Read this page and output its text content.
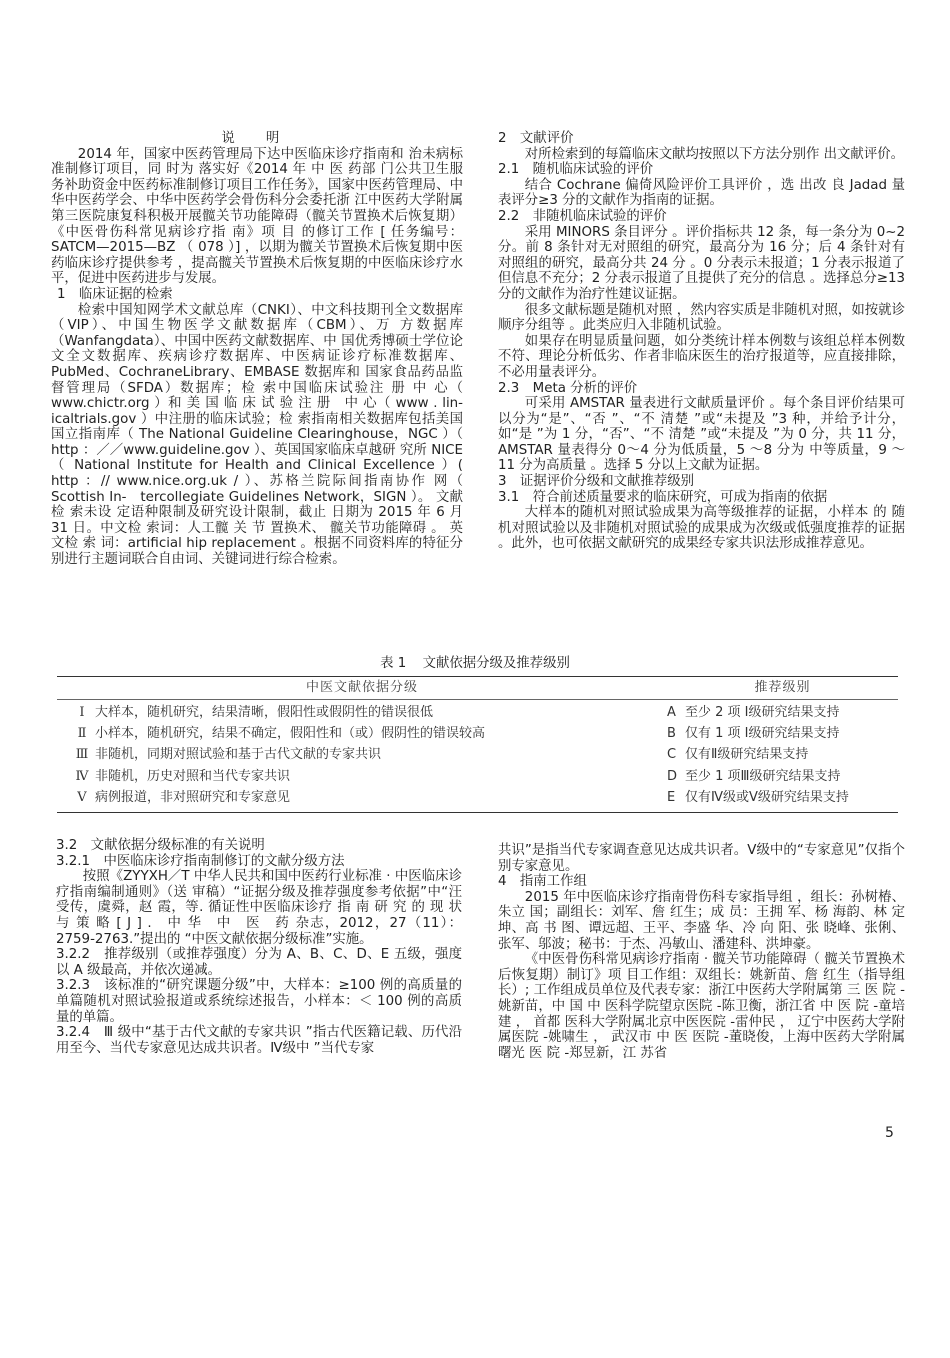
说 明

2014 年，国家中医药管理局下达中医临床诊疗指南和 治未病标准制修订项目，同 时为 落实好《2014 年 中 医 药部 门公共卫生服务补助资金中医药标准制修订项目工作任务》，国家中医药管理局、中华中医药学会、中华中医药学会骨伤科分会委托浙 江中医药大学附属第三医院康复科积极开展髋关节功能障碍（髋关节置换术后恢复期）《中医骨伤科常见病诊疗指 南》项 目 的修订工作 [ 任务编号：SATCM—2015—BZ （ 078 ）] ，以期为髋关节置换术后恢复期中医药临床诊疗提供参考 ，提高髋关节置换术后恢复期的中医临床诊疗水平，促进中医药进步与发展。

1　临床证据的检索

检索中国知网学术文献总库（CNKI）、中文科技期刊全文数据库（VIP）、中国生物医学文献数据库（CBM）、万 方数据库（Wanfangdata）、中国中医药文献数据库、中 国优秀博硕士学位论文全文数据库、疾病诊疗数据库、中医病证诊疗标准数据库、PubMed、CochraneLibrary、EMBASE 数据库和 国家食品药品监督管理局（SFDA）数据库；检 索中国临床试验注 册 中 心（ www.chictr.org ）和 美 国 临 床 试 验 注 册　中 心（ www . lin-　　icaltrials.gov ）中注册的临床试验；检 索指南相关数据库包括美国国立指南库（ The National Guideline Clearinghouse，NGC ）（ http ：／／www.guideline.gov ）、英国国家临床卓越研 究所 NICE （ National Institute for Health and Clinical Excellence ）( http ：// www.nice.org.uk / ）、苏格兰院际间指南协作 网（ Scottish In-　tercollegiate Guidelines Network，SIGN ）。 文献检 索未设 定语种限制及研究设计限制，截止 日期为 2015 年 6 月 31 日。中文检 索词：人工髋 关 节 置换术、 髋关节功能障碍 。 英文检 索 词：artificial hip replacement 。根据不同资料库的特征分别进行主题词联合自由词、关键词进行综合检索。

2　文献评价

对所检索到的每篇临床文献均按照以下方法分别作 出文献评价。

2.1　随机临床试验的评价

结合 Cochrane 偏倚风险评价工具评价 ，选 出改 良 Jadad 量表评分≥3 分的文献作为指南的证据。

2.2　非随机临床试验的评价

采用 MINORS 条目评分 。评价指标共 12 条，每一条分为 0~2 分。前 8 条针对无对照组的研究，最高分为 16 分；后 4 条针对有对照组的研究，最高分共 24 分 。0 分表示未报道；1 分表示报道了但信息不充分；2 分表示报道了且提供了充分的信息 。选择总分≥13 分的文献作为治疗性建议证据。

很多文献标题是随机对照 ，然内容实质是非随机对照，如按就诊顺序分组等 。此类应归入非随机试验。

如果存在明显质量问题，如分类统计样本例数与该组总样本例数不符、理论分析低劣、作者非临床医生的治疗报道等，应直接排除，不必用量表评分。

2.3　Meta 分析的评价

可采用 AMSTAR 量表进行文献质量评价 。每个条目评价结果可以分为“是”、“否 ”、“不 清楚 ”或“未提及 ”3 种，并给予计分，如“是 ”为 1 分，“否”、“不 清楚 ”或“未提及 ”为 0 分，共 11 分，AMSTAR 量表得分 0～4 分为低质量，5 ～8 分为 中等质量，9 ～11 分为高质量 。选择 5 分以上文献为证据。

3　证据评价分级和文献推荐级别

3.1　符合前述质量要求的临床研究，可成为指南的依据

大样本的随机对照试验成果为高等级推荐的证据，小样本 的 随 机对照试验以及非随机对照试验的成果成为次级或低强度推荐的证据 。此外，也可依据文献研究的成果经专家共识法形成推荐意见。

表 1 文献依据分级及推荐级别
中医文献依据分级	推荐级别
Ⅰ 大样本，随机研究，结果清晰，假阳性或假阴性的错误很低	A 至少 2 项 Ⅰ级研究结果支持
Ⅱ 小样本，随机研究，结果不确定，假阳性和（或）假阴性的错误较高	B 仅有 1 项 Ⅰ级研究结果支持
Ⅲ 非随机，同期对照试验和基于古代文献的专家共识	C 仅有Ⅱ级研究结果支持
Ⅳ 非随机，历史对照和当代专家共识	D 至少 1 项Ⅲ级研究结果支持
Ⅴ 病例报道，非对照研究和专家意见	E 仅有Ⅳ级或Ⅴ级研究结果支持

3.2　文献依据分级标准的有关说明

3.2.1　中医临床诊疗指南制修订的文献分级方法

按照《ZYYXH／T 中华人民共和国中医药行业标准 · 中医临床诊疗指南编制通则》（送 审稿）“证据分级及推荐强度参考依据”中“汪 受传，虞舜，赵 霞，等. 循证性中医临床诊疗 指 南 研 究 的 现 状 与 策 略 [ J ] .　中 华　中　医　药 杂志，2012，27（11）：2759-2763.”提出的 “中医文献依据分级标准”实施。

3.2.2　推荐级别（或推荐强度）分为 A、B、C、D、E 五级，强度以 A 级最高，并依次递减。

3.2.3　该标准的“研究课题分级”中，大样本：≥100 例的高质量的单篇随机对照试验报道或系统综述报告，小样本：＜ 100 例的高质量的单篇。

3.2.4　Ⅲ 级中“基于古代文献的专家共识 ”指古代医籍记载、历代沿用至今、当代专家意见达成共识者。Ⅳ级中 ”当代专家

共识”是指当代专家调查意见达成共识者。Ⅴ级中的“专家意见”仅指个别专家意见。

4　指南工作组

2015 年中医临床诊疗指南骨伤科专家指导组 ，组长：孙树椿、朱立 国；副组长：刘军、詹 红生；成 员：王拥 军、杨 海韵、林 定坤、高 书 图、谭远超、王平、李盛 华、冷 向 阳、张 晓峰、张俐、张军、邬波；秘书：于杰、冯敏山、潘建科、洪坤豪。

《中医骨伤科常见病诊疗指南 · 髋关节功能障碍（ 髋关节置换术后恢复期）制订》项 目工作组：双组长：姚新苗、詹 红生（指导组长）; 工作组成员单位及代表专家：浙江中医药大学附属第 三 医 院 -姚新苗，中 国 中 医科学院望京医院 -陈卫衡，浙江省 中 医 院 -童培建 ， 首都 医科大学附属北京中医医院 -雷仲民 ， 辽宁中医药大学附属医院 -姚啸生 ， 武汉市 中 医 医院 -董晓俊，上海中医药大学附属曙光 医 院 -郑昱新，江 苏省

5
